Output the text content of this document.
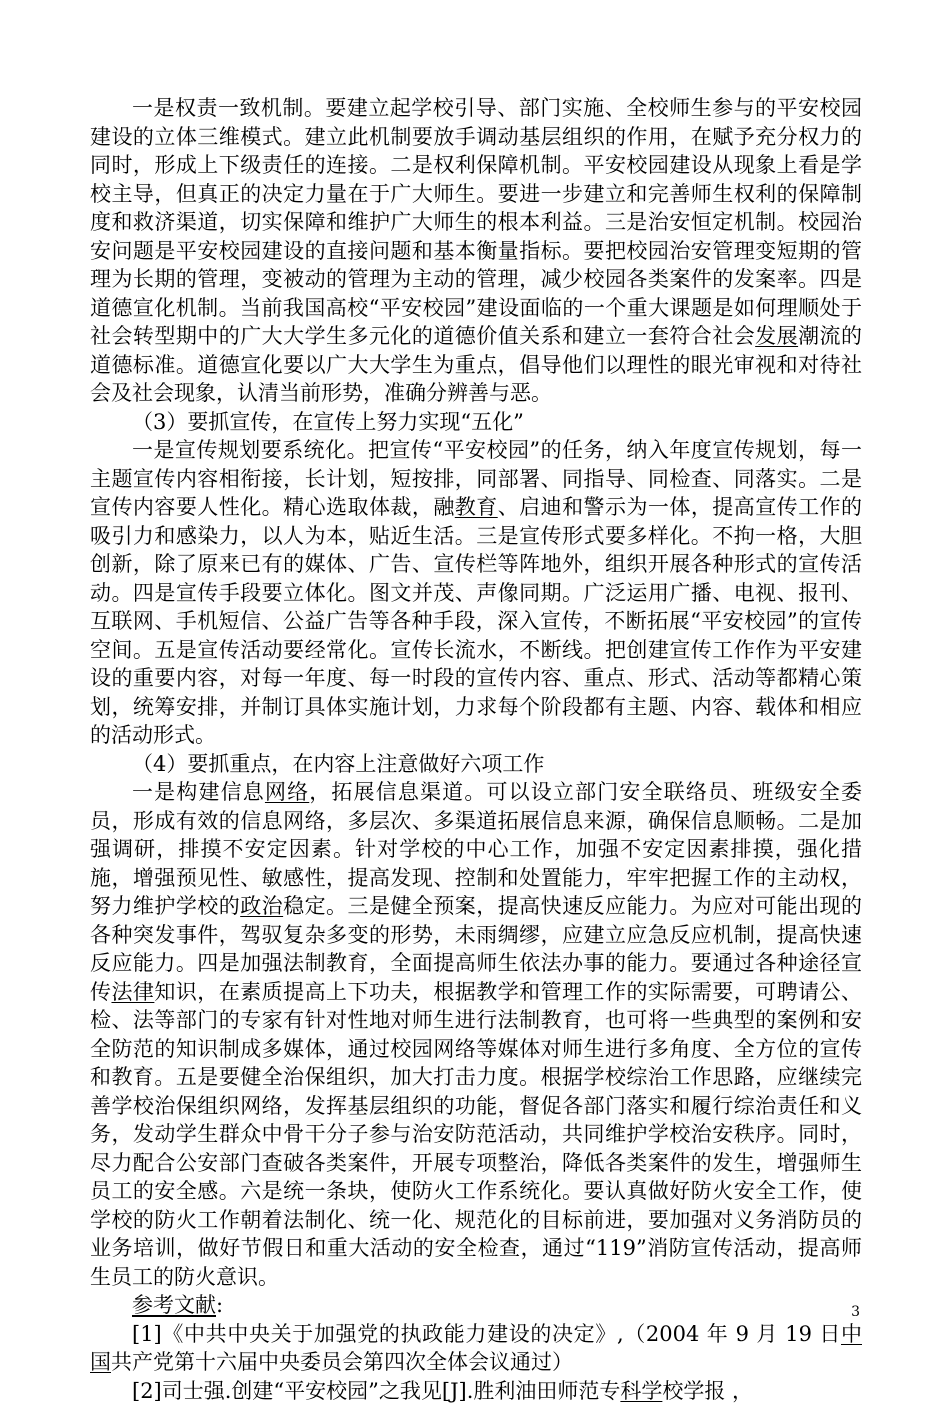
一是权责一致机制。要建立起学校引导、部门实施、全校师生参与的平安校园建设的立体三维模式。建立此机制要放手调动基层组织的作用，在赋予充分权力的同时，形成上下级责任的连接。二是权利保障机制。平安校园建设从现象上看是学校主导，但真正的决定力量在于广大师生。要进一步建立和完善师生权利的保障制度和救济渠道，切实保障和维护广大师生的根本利益。三是治安恒定机制。校园治安问题是平安校园建设的直接问题和基本衡量指标。要把校园治安管理变短期的管理为长期的管理，变被动的管理为主动的管理，减少校园各类案件的发案率。四是道德宣化机制。当前我国高校“平安校园”建设面临的一个重大课题是如何理顺处于社会转型期中的广大大学生多元化的道德价值关系和建立一套符合社会发展潮流的道德标准。道德宣化要以广大大学生为重点，倡导他们以理性的眼光审视和对待社会及社会现象，认清当前形势，准确分辨善与恶。

（3）要抓宣传，在宣传上努力实现“五化”

一是宣传规划要系统化。把宣传“平安校园”的任务，纳入年度宣传规划，每一主题宣传内容相衔接，长计划，短按排，同部署、同指导、同检查、同落实。二是宣传内容要人性化。精心选取体裁，融教育、启迪和警示为一体，提高宣传工作的吸引力和感染力，以人为本，贴近生活。三是宣传形式要多样化。不拘一格，大胆创新，除了原来已有的媒体、广告、宣传栏等阵地外，组织开展各种形式的宣传活动。四是宣传手段要立体化。图文并茂、声像同期。广泛运用广播、电视、报刊、互联网、手机短信、公益广告等各种手段，深入宣传，不断拓展“平安校园”的宣传空间。五是宣传活动要经常化。宣传长流水，不断线。把创建宣传工作作为平安建设的重要内容，对每一年度、每一时段的宣传内容、重点、形式、活动等都精心策划，统筹安排，并制订具体实施计划，力求每个阶段都有主题、内容、载体和相应的活动形式。

（4）要抓重点，在内容上注意做好六项工作

一是构建信息网络，拓展信息渠道。可以设立部门安全联络员、班级安全委员，形成有效的信息网络，多层次、多渠道拓展信息来源，确保信息顺畅。二是加强调研，排摸不安定因素。针对学校的中心工作，加强不安定因素排摸，强化措施，增强预见性、敏感性，提高发现、控制和处置能力，牢牢把握工作的主动权，努力维护学校的政治稳定。三是健全预案，提高快速反应能力。为应对可能出现的各种突发事件，驾驭复杂多变的形势，未雨绸缪，应建立应急反应机制，提高快速反应能力。四是加强法制教育，全面提高师生依法办事的能力。要通过各种途径宣传法律知识，在素质提高上下功夫，根据教学和管理工作的实际需要，可聘请公、检、法等部门的专家有针对性地对师生进行法制教育，也可将一些典型的案例和安全防范的知识制成多媒体，通过校园网络等媒体对师生进行多角度、全方位的宣传和教育。五是要健全治保组织，加大打击力度。根据学校综治工作思路，应继续完善学校治保组织网络，发挥基层组织的功能，督促各部门落实和履行综治责任和义务，发动学生群众中骨干分子参与治安防范活动，共同维护学校治安秩序。同时，尽力配合公安部门查破各类案件，开展专项整治，降低各类案件的发生，增强师生员工的安全感。六是统一条块，使防火工作系统化。要认真做好防火安全工作，使学校的防火工作朝着法制化、统一化、规范化的目标前进，要加强对义务消防员的业务培训，做好节假日和重大活动的安全检查，通过“119”消防宣传活动，提高师生员工的防火意识。

参考文献:

[1]《中共中央关于加强党的执政能力建设的决定》,（2004 年 9 月 19 日中国共产党第十六届中央委员会第四次全体会议通过）

[2]司士强.创建“平安校园”之我见[J].胜利油田师范专科学校学报 ，

3
